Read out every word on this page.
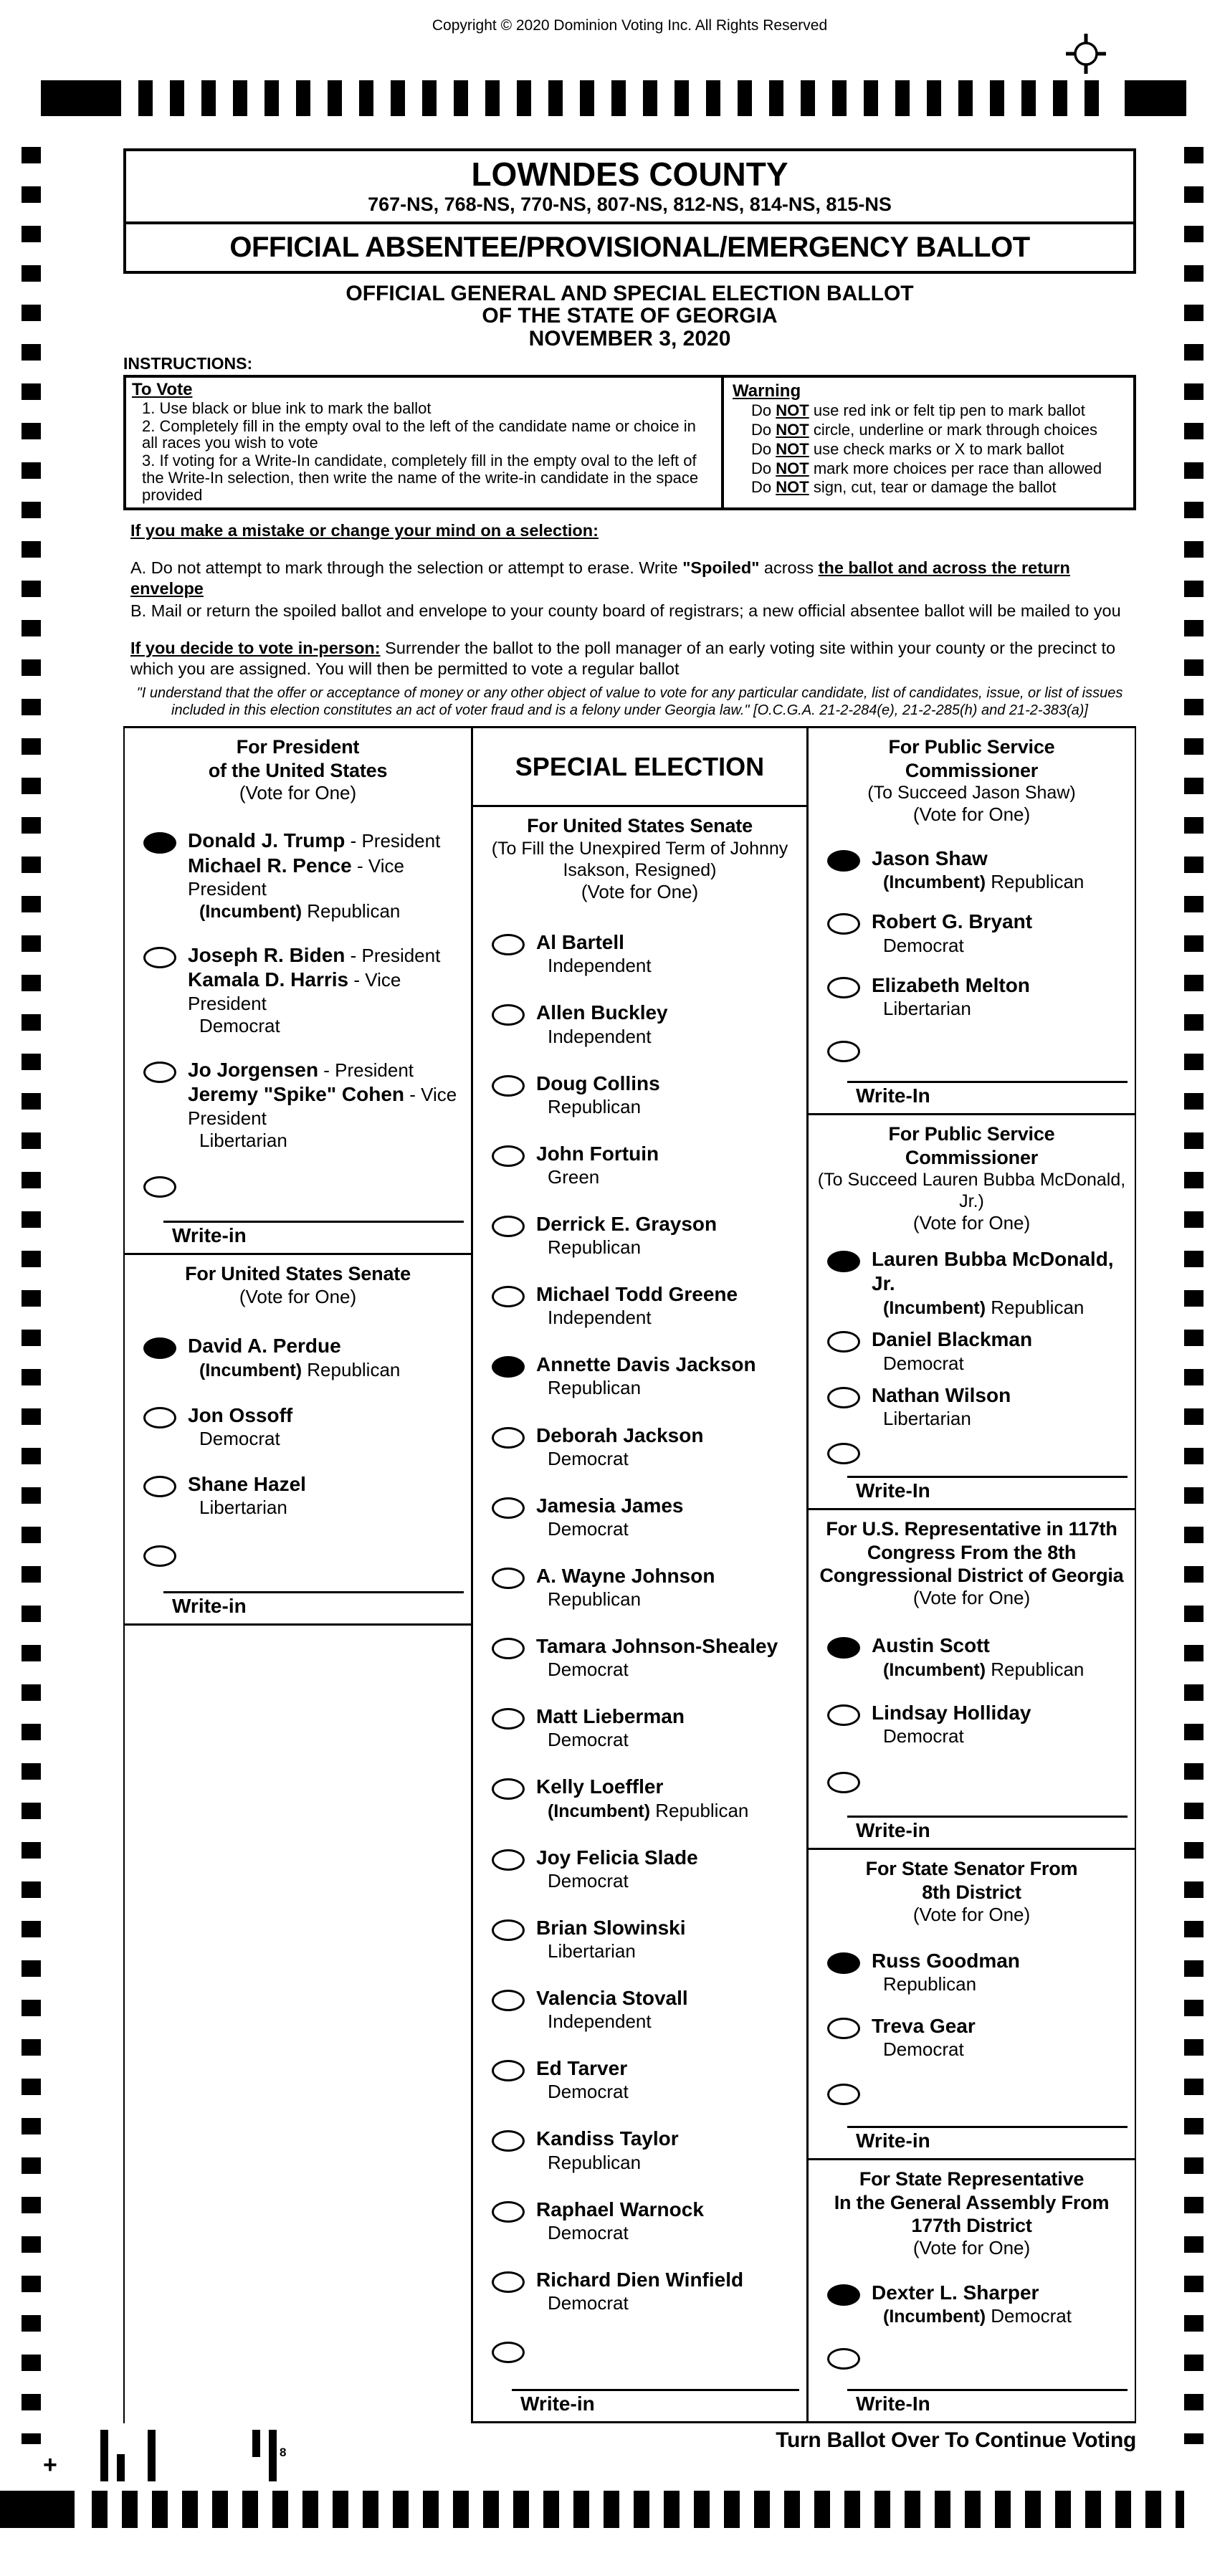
Copyright © 2020 Dominion Voting Inc. All Rights Reserved
+	8
Turn Ballot Over To Continue Voting
LOWNDES COUNTY
767-NS, 768-NS, 770-NS, 807-NS, 812-NS, 814-NS, 815-NS
OFFICIAL ABSENTEE/PROVISIONAL/EMERGENCY BALLOT
OFFICIAL GENERAL AND SPECIAL ELECTION BALLOT
OF THE STATE OF GEORGIA
NOVEMBER 3, 2020
INSTRUCTIONS:
To Vote
1. Use black or blue ink to mark the ballot
2. Completely fill in the empty oval to the left of the candidate name or choice in all races you wish to vote
3. If voting for a Write-In candidate, completely fill in the empty oval to the left of the Write-In selection, then write the name of the write-in candidate in the space provided
Warning
Do NOT use red ink or felt tip pen to mark ballot
Do NOT circle, underline or mark through choices
Do NOT use check marks or X to mark ballot
Do NOT mark more choices per race than allowed
Do NOT sign, cut, tear or damage the ballot
If you make a mistake or change your mind on a selection:
A. Do not attempt to mark through the selection or attempt to erase. Write "Spoiled" across the ballot and across the return envelope
B. Mail or return the spoiled ballot and envelope to your county board of registrars; a new official absentee ballot will be mailed to you
If you decide to vote in-person: Surrender the ballot to the poll manager of an early voting site within your county or the precinct to which you are assigned. You will then be permitted to vote a regular ballot
"I understand that the offer or acceptance of money or any other object of value to vote for any particular candidate, list of candidates, issue, or list of issues included in this election constitutes an act of voter fraud and is a felony under Georgia law." [O.C.G.A. 21-2-284(e), 21-2-285(h) and 21-2-383(a)]
For President
of the United States
(Vote for One)
Donald J. Trump - President
Michael R. Pence - Vice President
(Incumbent) Republican
Joseph R. Biden - President
Kamala D. Harris - Vice President
Democrat
Jo Jorgensen - President
Jeremy "Spike" Cohen - Vice President
Libertarian
Write-in
For United States Senate
(Vote for One)
David A. Perdue
(Incumbent) Republican
Jon Ossoff
Democrat
Shane Hazel
Libertarian
Write-in
SPECIAL ELECTION
For United States Senate
(To Fill the Unexpired Term of Johnny
Isakson, Resigned)
(Vote for One)
Al Bartell
Independent
Allen Buckley
Independent
Doug Collins
Republican
John Fortuin
Green
Derrick E. Grayson
Republican
Michael Todd Greene
Independent
Annette Davis Jackson
Republican
Deborah Jackson
Democrat
Jamesia James
Democrat
A. Wayne Johnson
Republican
Tamara Johnson-Shealey
Democrat
Matt Lieberman
Democrat
Kelly Loeffler
(Incumbent) Republican
Joy Felicia Slade
Democrat
Brian Slowinski
Libertarian
Valencia Stovall
Independent
Ed Tarver
Democrat
Kandiss Taylor
Republican
Raphael Warnock
Democrat
Richard Dien Winfield
Democrat
Write-in
For Public Service
Commissioner
(To Succeed Jason Shaw)
(Vote for One)
Jason Shaw
(Incumbent) Republican
Robert G. Bryant
Democrat
Elizabeth Melton
Libertarian
Write-In
For Public Service
Commissioner
(To Succeed Lauren Bubba McDonald, Jr.)
(Vote for One)
Lauren Bubba McDonald, Jr.
(Incumbent) Republican
Daniel Blackman
Democrat
Nathan Wilson
Libertarian
Write-In
For U.S. Representative in 117th
Congress From the 8th
Congressional District of Georgia
(Vote for One)
Austin Scott
(Incumbent) Republican
Lindsay Holliday
Democrat
Write-in
For State Senator From
8th District
(Vote for One)
Russ Goodman
Republican
Treva Gear
Democrat
Write-in
For State Representative
In the General Assembly From
177th District
(Vote for One)
Dexter L. Sharper
(Incumbent) Democrat
Write-In
